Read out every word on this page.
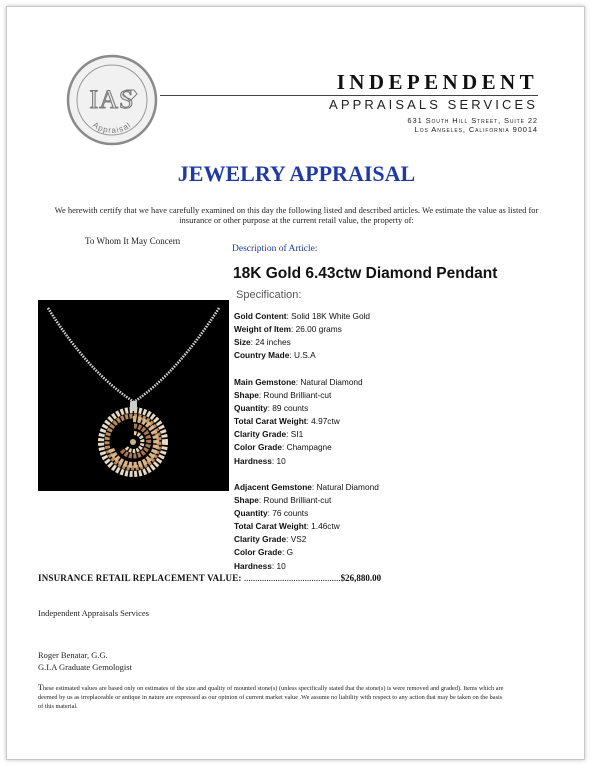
IAS
Appraisal
INDEPENDENT
APPRAISALS SERVICES
631 South Hill Street, Suite 22
Los Angeles, California 90014
JEWELRY APPRAISAL
We herewith certify that we have carefully examined on this day the following listed and described articles. We estimate the value as listed for
insurance or other purpose at the current retail value, the property of:
To Whom It May Concern
Description of Article:
18K Gold 6.43ctw Diamond Pendant
Specification:
Gold Content: Solid 18K White Gold
Weight of Item: 26.00 grams
Size: 24 inches
Country Made: U.S.A
Main Gemstone: Natural Diamond
Shape: Round Brilliant-cut
Quantity: 89 counts
Total Carat Weight: 4.97ctw
Clarity Grade: SI1
Color Grade: Champagne
Hardness: 10
Adjacent Gemstone: Natural Diamond
Shape: Round Brilliant-cut
Quantity: 76 counts
Total Carat Weight: 1.46ctw
Clarity Grade: VS2
Color Grade: G
Hardness: 10
INSURANCE RETAIL REPLACEMENT VALUE: ...........................................$26,880.00
Independent Appraisals Services
Roger Benatar, G.G.
G.I.A Graduate Gemologist
These estimated values are based only on estimates of the size and quality of mounted stone(s) (unless specifically stated that the stone(s) is were removed and graded). Items which are deemed by us as irreplaceable or antique in nature are expressed as our opinion of current market value .We assume no liability with respect to any action that may be taken on the basis of this material.
